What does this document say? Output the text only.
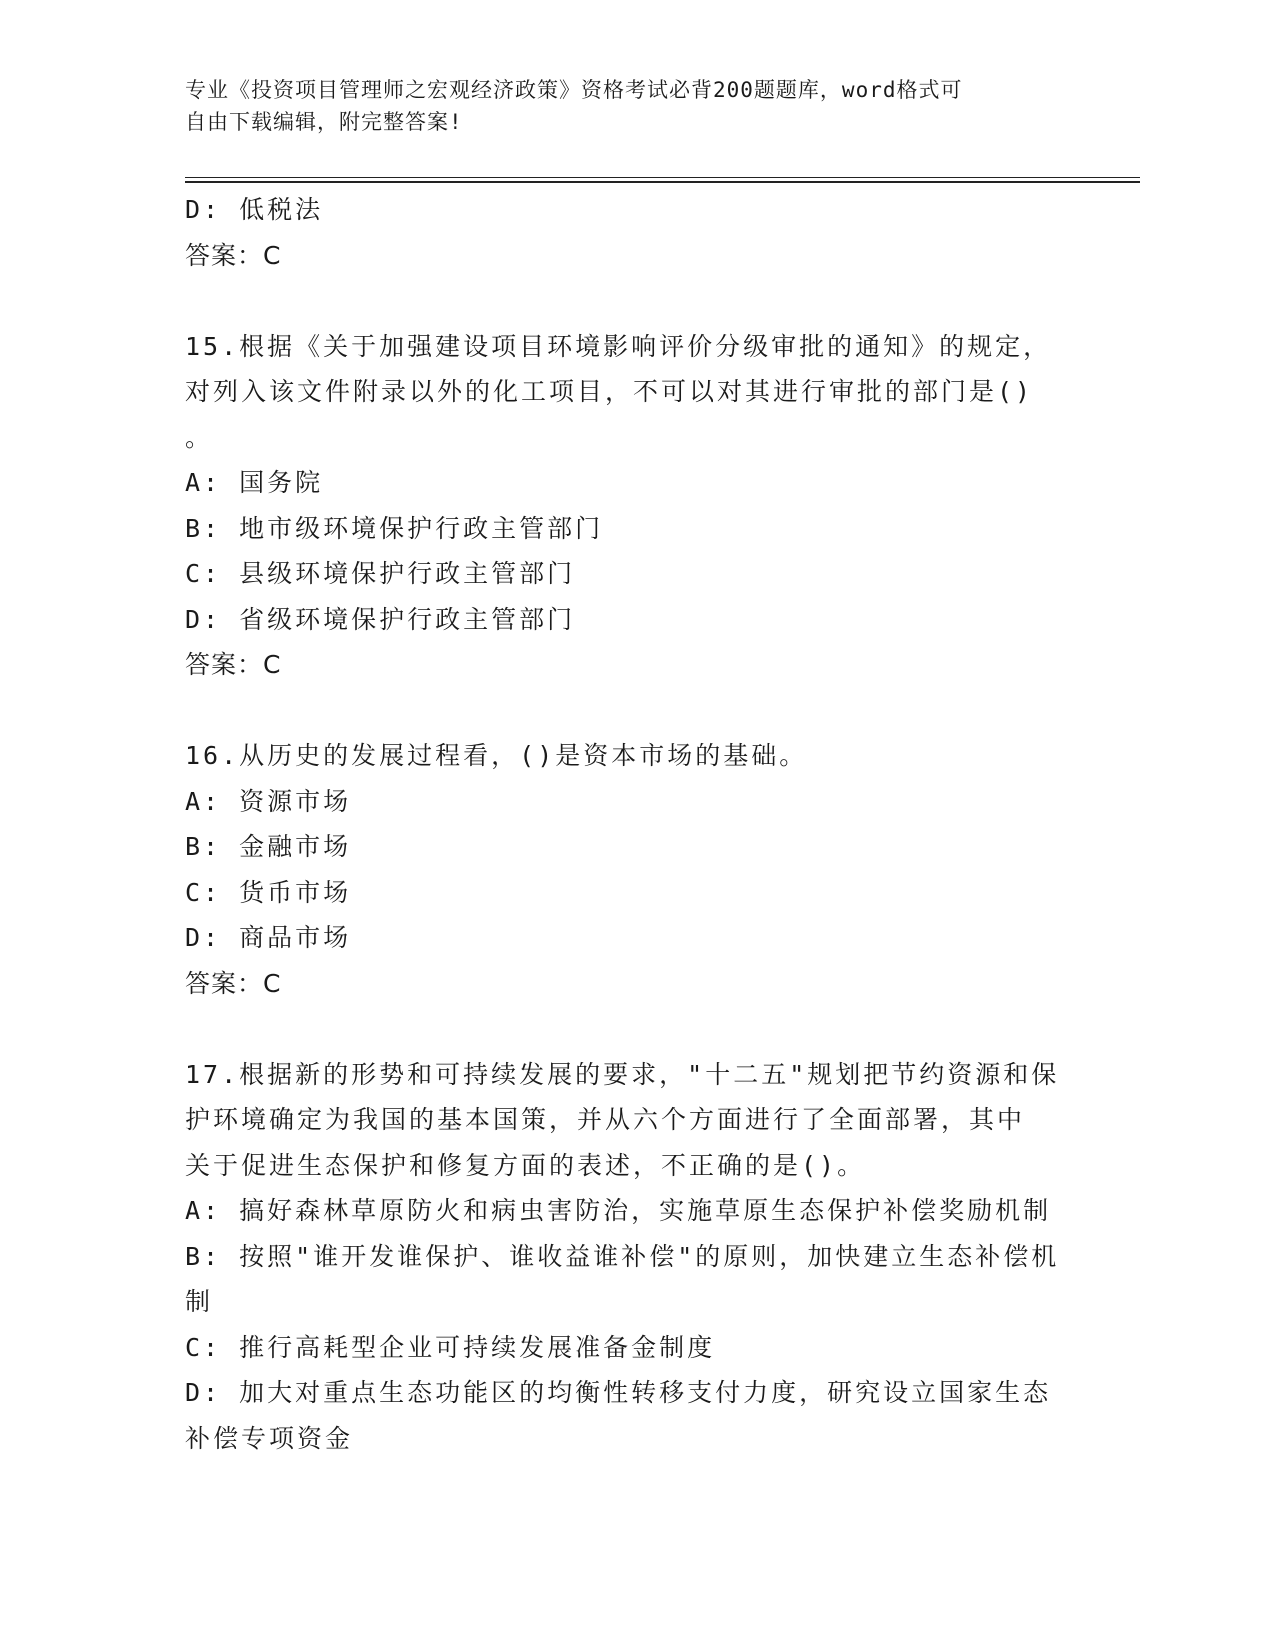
专业《投资项目管理师之宏观经济政策》资格考试必背200题题库，word格式可
自由下载编辑，附完整答案!
D: 低税法
答案：C
15.根据《关于加强建设项目环境影响评价分级审批的通知》的规定，
对列入该文件附录以外的化工项目，不可以对其进行审批的部门是()
。
A: 国务院
B: 地市级环境保护行政主管部门
C: 县级环境保护行政主管部门
D: 省级环境保护行政主管部门
答案：C
16.从历史的发展过程看，()是资本市场的基础。
A: 资源市场
B: 金融市场
C: 货币市场
D: 商品市场
答案：C
17.根据新的形势和可持续发展的要求，"十二五"规划把节约资源和保
护环境确定为我国的基本国策，并从六个方面进行了全面部署，其中
关于促进生态保护和修复方面的表述，不正确的是()。
A: 搞好森林草原防火和病虫害防治，实施草原生态保护补偿奖励机制
B: 按照"谁开发谁保护、谁收益谁补偿"的原则，加快建立生态补偿机
制
C: 推行高耗型企业可持续发展准备金制度
D: 加大对重点生态功能区的均衡性转移支付力度，研究设立国家生态
补偿专项资金
